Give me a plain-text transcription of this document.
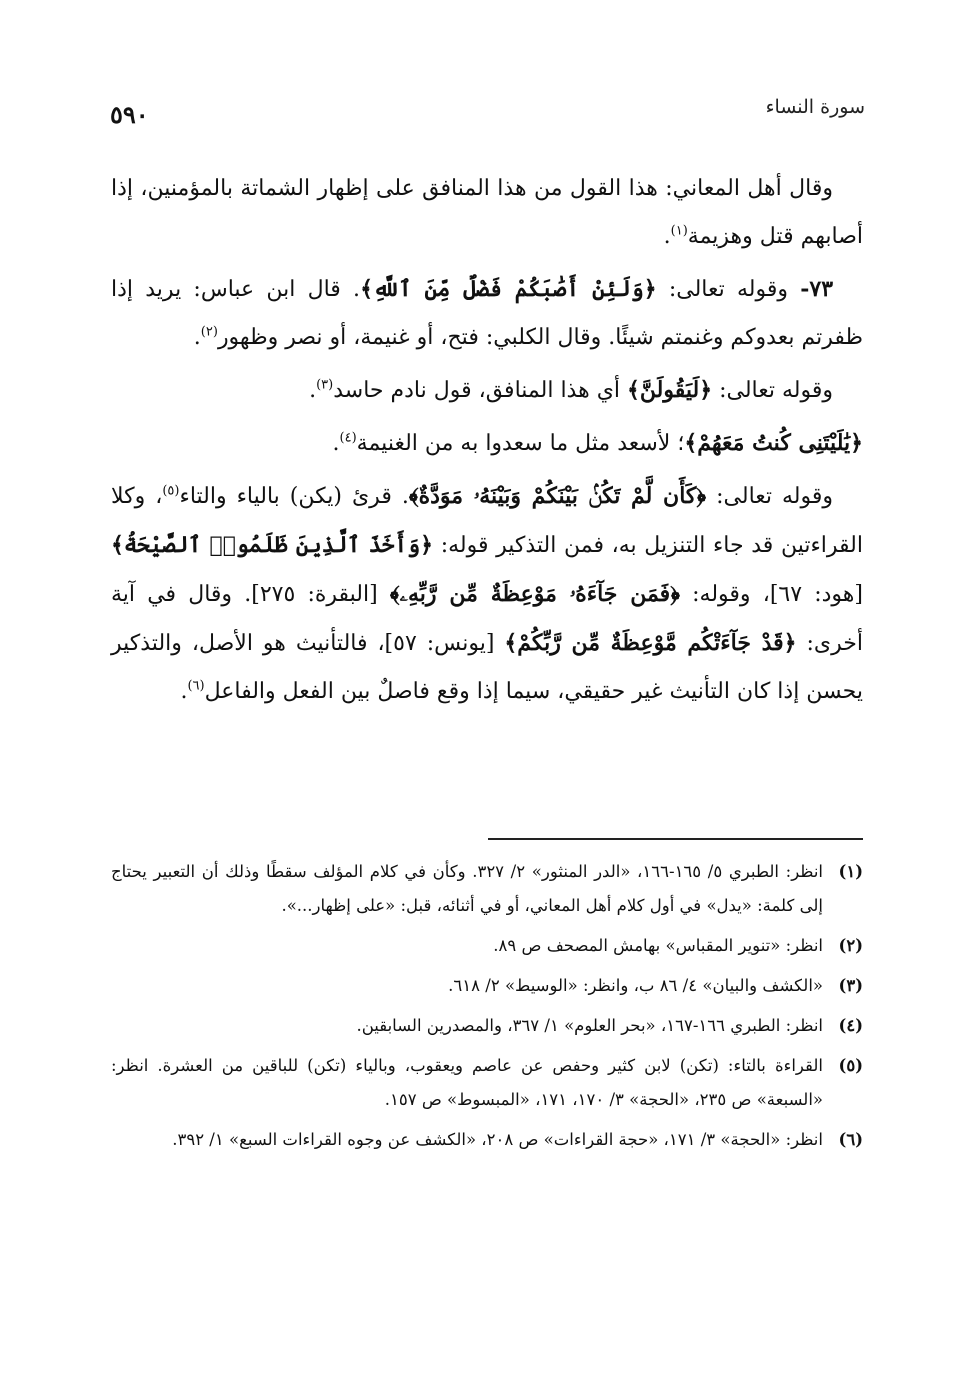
سورة النساء
٥٩٠

وقال أهل المعاني: هذا القول من هذا المنافق على إظهار الشماتة بالمؤمنين، إذا أصابهم قتل وهزيمة$^{(١)}$.

٧٣- وقوله تعالى: ﴿وَلَئِنْ أَصَٰبَكُمْ فَضْلٌ مِّنَ ٱللَّهِ﴾. قال ابن عباس: يريد إذا ظفرتم بعدوكم وغنمتم شيئًا. وقال الكلبي: فتح، أو غنيمة، أو نصر وظهور$^{(٢)}$.

وقوله تعالى: ﴿لَيَقُولَنَّ﴾ أي هذا المنافق، قول نادم حاسد$^{(٣)}$.

﴿يَٰلَيْتَنِى كُنتُ مَعَهُمْ﴾؛ لأسعد مثل ما سعدوا به من الغنيمة$^{(٤)}$.

وقوله تعالى: ﴿كَأَن لَّمْ تَكُنۢ بَيْنَكُمْ وَبَيْنَهُۥ مَوَدَّةٌ﴾. قرئ (يكن) بالياء والتاء$^{(٥)}$، وكلا القراءتين قد جاء التنزيل به، فمن التذكير قوله: ﴿وَأَخَذَ ٱلَّذِينَ ظَلَمُوا۟ ٱلصَّيْحَةُ﴾ [هود: ٦٧]، وقوله: ﴿فَمَن جَآءَهُۥ مَوْعِظَةٌ مِّن رَّبِّهِۦ﴾ [البقرة: ٢٧٥]. وقال في آية أخرى: ﴿قَدْ جَآءَتْكُم مَّوْعِظَةٌ مِّن رَّبِّكُمْ﴾ [يونس: ٥٧]، فالتأنيث هو الأصل، والتذكير يحسن إذا كان التأنيث غير حقيقي، سيما إذا وقع فاصلٌ بين الفعل والفاعل$^{(٦)}$.

(١)
انظر: الطبري ٥/ ١٦٥-١٦٦، «الدر المنثور» ٢/ ٣٢٧. وكأن في كلام المؤلف سقطًا وذلك أن التعبير يحتاج إلى كلمة: «يدل» في أول كلام أهل المعاني، أو في أثنائه، قبل: «على إظهار...».
(٢)
انظر: «تنوير المقباس» بهامش المصحف ص ٨٩.
(٣)
«الكشف والبيان» ٤/ ٨٦ ب، وانظر: «الوسيط» ٢/ ٦١٨.
(٤)
انظر: الطبري ١٦٦-١٦٧، «بحر العلوم» ١/ ٣٦٧، والمصدرين السابقين.
(٥)
القراءة بالتاء: (تكن) لابن كثير وحفص عن عاصم ويعقوب، وبالياء (تكن) للباقين من العشرة. انظر: «السبعة» ص ٢٣٥، «الحجة» ٣/ ١٧٠، ١٧١، «المبسوط» ص ١٥٧.
(٦)
انظر: «الحجة» ٣/ ١٧١، «حجة القراءات» ص ٢٠٨، «الكشف عن وجوه القراءات السبع» ١/ ٣٩٢.
